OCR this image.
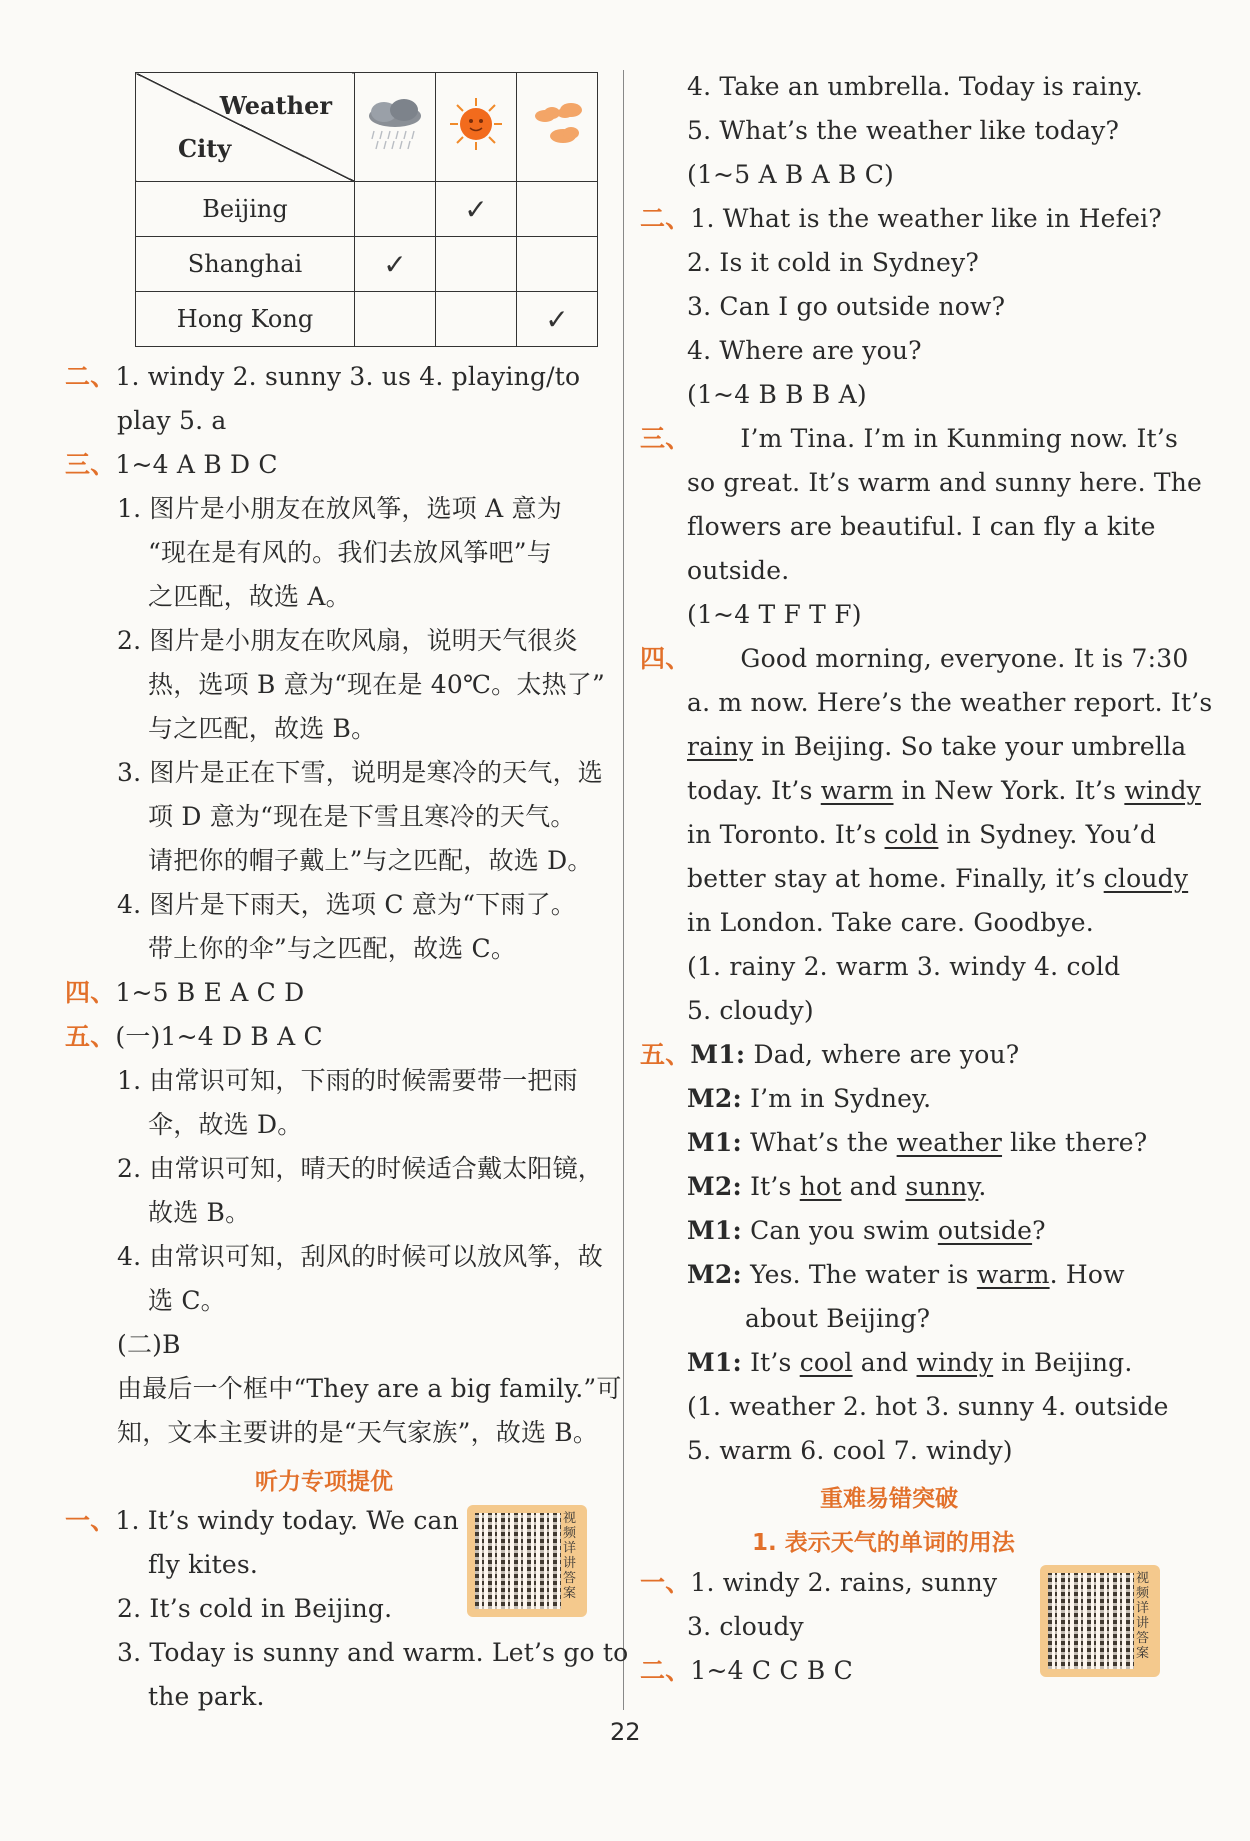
Weather
City

Beijing		✓	
Shanghai	✓		
Hong Kong			✓
二、1. windy 2. sunny 3. us 4. playing/to
play 5. a
三、1~4 A B D C
1. 图片是小朋友在放风筝，选项 A 意为
“现在是有风的。我们去放风筝吧”与
之匹配，故选 A。
2. 图片是小朋友在吹风扇，说明天气很炎
热，选项 B 意为“现在是 40℃。太热了”
与之匹配，故选 B。
3. 图片是正在下雪，说明是寒冷的天气，选
项 D 意为“现在是下雪且寒冷的天气。
请把你的帽子戴上”与之匹配，故选 D。
4. 图片是下雨天，选项 C 意为“下雨了。
带上你的伞”与之匹配，故选 C。
四、1~5 B E A C D
五、(一)1~4 D B A C
1. 由常识可知，下雨的时候需要带一把雨
伞，故选 D。
2. 由常识可知，晴天的时候适合戴太阳镜，
故选 B。
4. 由常识可知，刮风的时候可以放风筝，故
选 C。
(二)B
由最后一个框中“They are a big family.”可
知，文本主要讲的是“天气家族”，故选 B。
听力专项提优
一、1. It’s windy today. We can
fly kites.
2. It’s cold in Beijing.
3. Today is sunny and warm. Let’s go to
the park.
视频详讲答案
4. Take an umbrella. Today is rainy.
5. What’s the weather like today?
(1~5 A B A B C)
二、1. What is the weather like in Hefei?
2. Is it cold in Sydney?
3. Can I go outside now?
4. Where are you?
(1~4 B B B A)
三、 I’m Tina. I’m in Kunming now. It’s
so great. It’s warm and sunny here. The
flowers are beautiful. I can fly a kite
outside.
(1~4 T F T F)
四、 Good morning, everyone. It is 7:30
a. m now. Here’s the weather report. It’s
rainy in Beijing. So take your umbrella
today. It’s warm in New York. It’s windy
in Toronto. It’s cold in Sydney. You’d
better stay at home. Finally, it’s cloudy
in London. Take care. Goodbye.
(1. rainy 2. warm 3. windy 4. cold
5. cloudy)
五、M1: Dad, where are you?
M2: I’m in Sydney.
M1: What’s the weather like there?
M2: It’s hot and sunny.
M1: Can you swim outside?
M2: Yes. The water is warm. How
about Beijing?
M1: It’s cool and windy in Beijing.
(1. weather 2. hot 3. sunny 4. outside
5. warm 6. cool 7. windy)
重难易错突破
1. 表示天气的单词的用法
一、1. windy 2. rains, sunny
3. cloudy
二、1~4 C C B C
视频详讲答案
22
